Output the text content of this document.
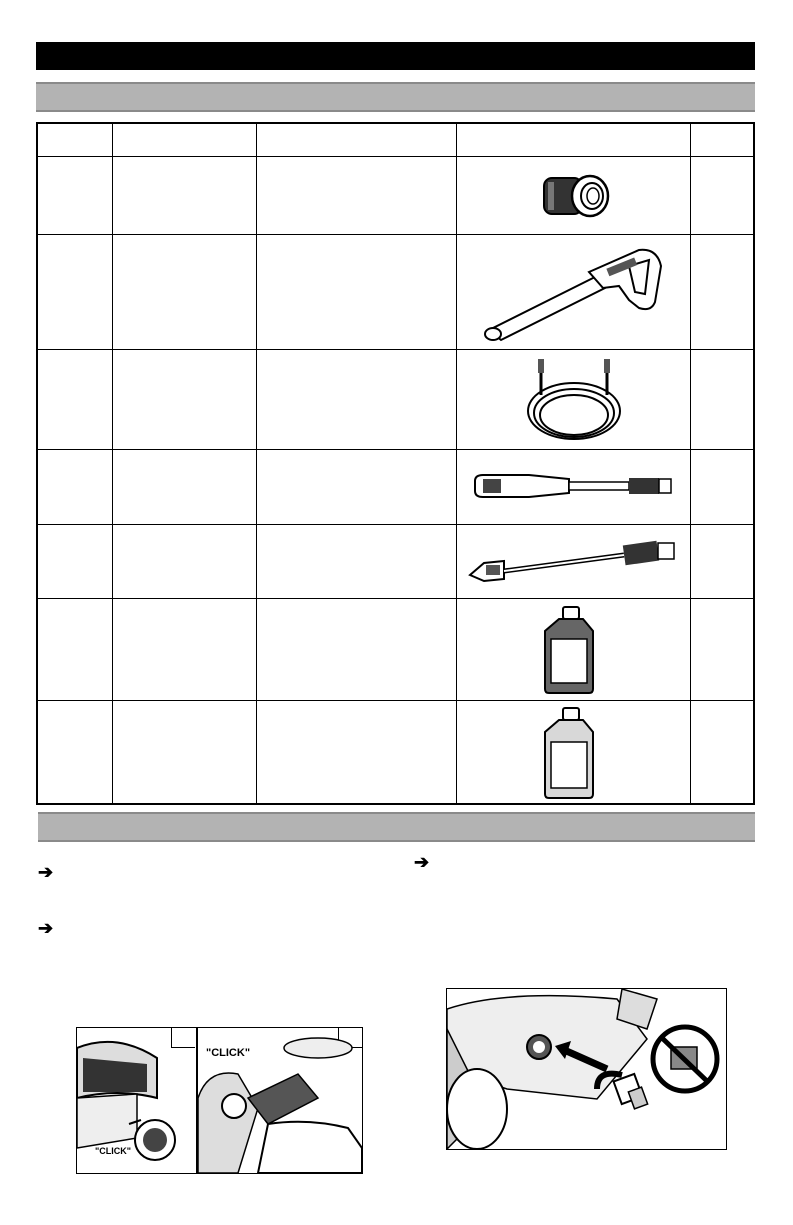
➔
➔
➔
"CLICK"
"CLICK"
